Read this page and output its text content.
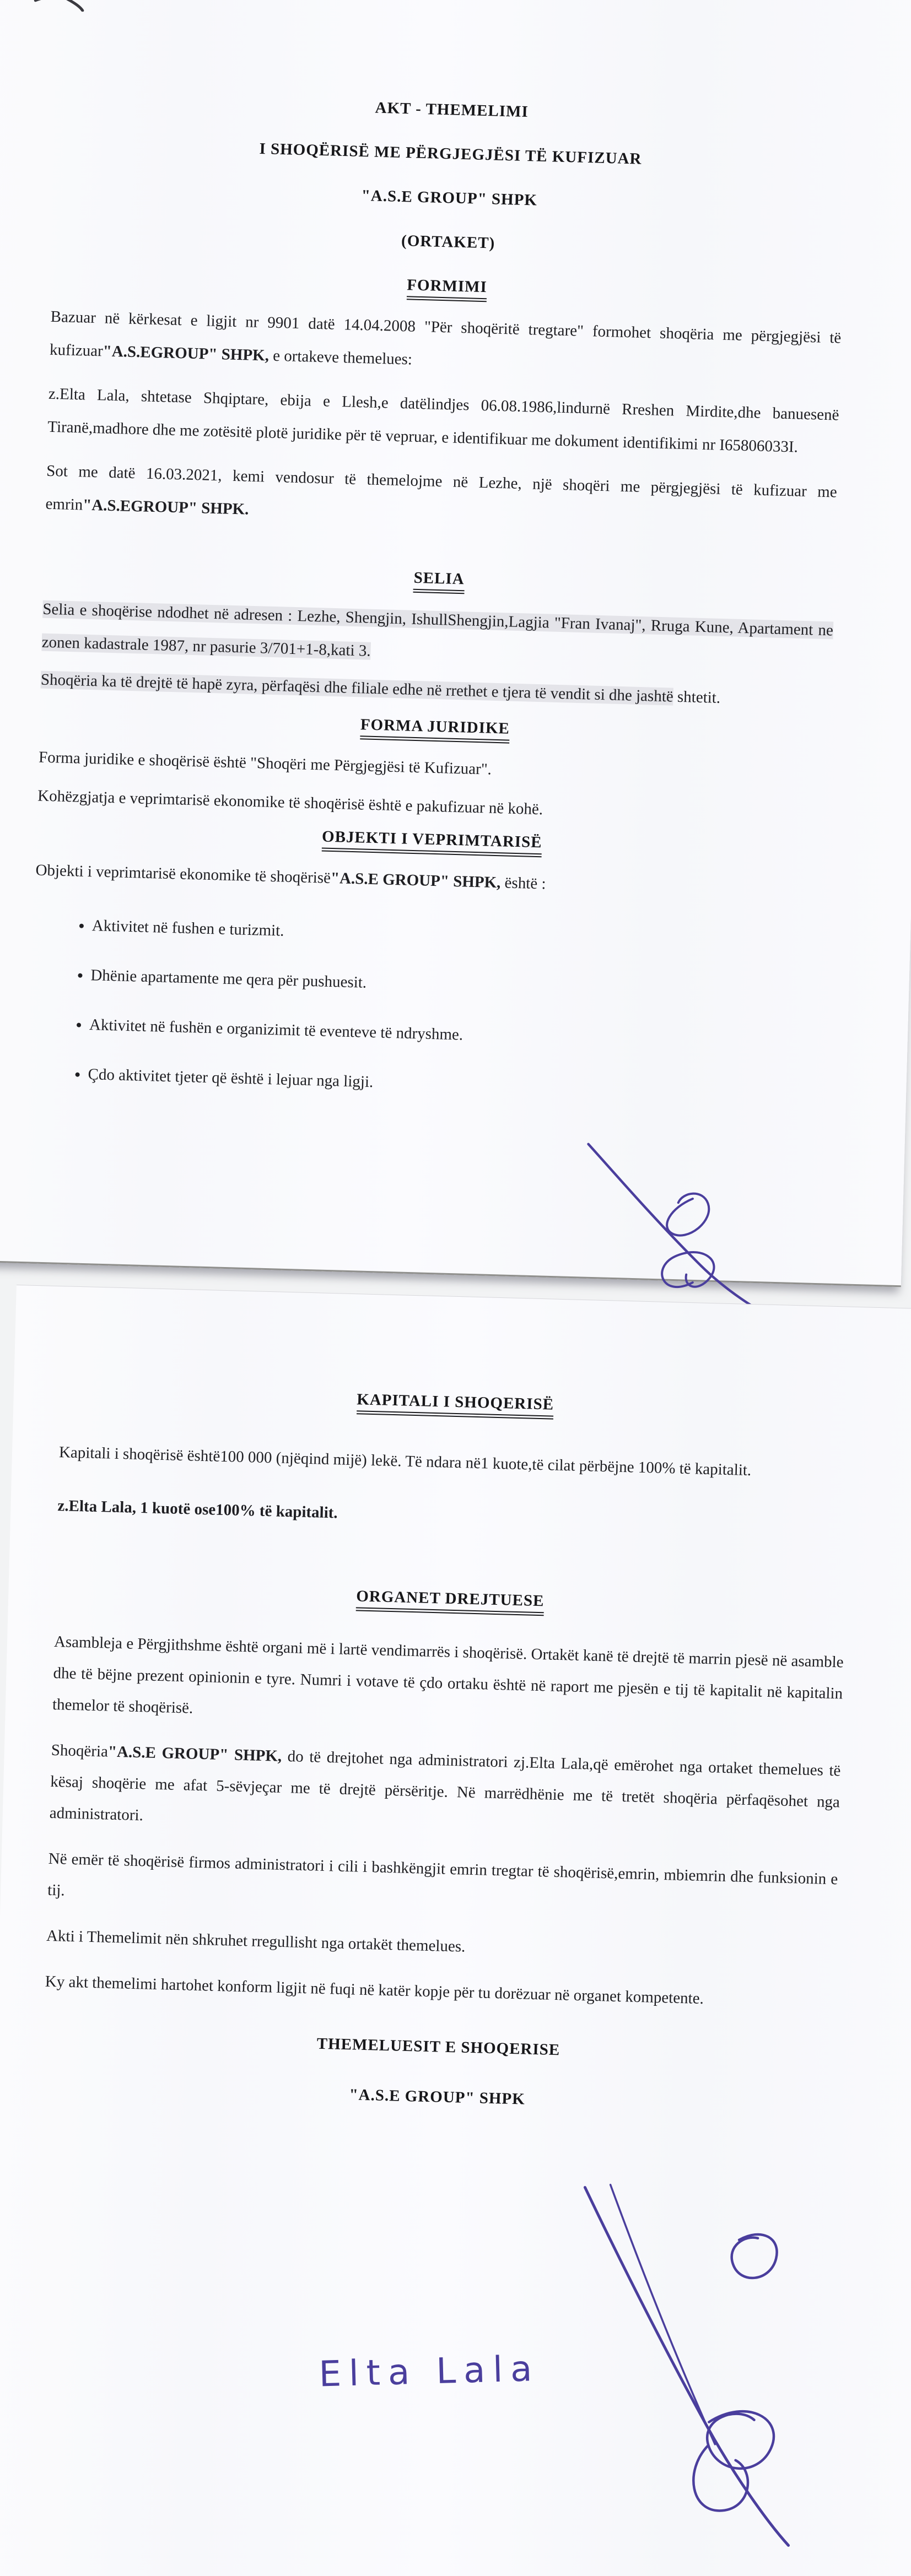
AKT - THEMELIMI
I SHOQËRISË ME PËRGJEGJËSI TË KUFIZUAR
"A.S.E GROUP" SHPK
(ORTAKET)
FORMIMI

Bazuar në kërkesat e ligjit nr 9901 datë 14.04.2008 "Për shoqëritë tregtare" formohet shoqëria me përgjegjësi të kufizuar"A.S.EGROUP" SHPK, e ortakeve themelues:

z.Elta Lala, shtetase Shqiptare, ebija e Llesh,e datëlindjes 06.08.1986,lindurnë Rreshen Mirdite,dhe banuesenë Tiranë,madhore dhe me zotësitë plotë juridike për të vepruar, e identifikuar me dokument identifikimi nr I65806033I.

Sot me datë 16.03.2021, kemi vendosur të themelojme në Lezhe, një shoqëri me përgjegjësi të kufizuar me emrin"A.S.EGROUP" SHPK.

SELIA

Selia e shoqërise ndodhet në adresen : Lezhe, Shengjin, IshullShengjin,Lagjia "Fran Ivanaj", Rruga Kune, Apartament ne zonen kadastrale 1987, nr pasurie 3/701+1-8,kati 3.

Shoqëria ka të drejtë të hapë zyra, përfaqësi dhe filiale edhe në rrethet e tjera të vendit si dhe jashtë shtetit.

FORMA JURIDIKE

Forma juridike e shoqërisë është "Shoqëri me Përgjegjësi të Kufizuar".

Kohëzgjatja e veprimtarisë ekonomike të shoqërisë është e pakufizuar në kohë.

OBJEKTI I VEPRIMTARISË

Objekti i veprimtarisë ekonomike të shoqërisë"A.S.E GROUP" SHPK, është :

• Aktivitet në fushen e turizmit.
• Dhënie apartamente me qera për pushuesit.
• Aktivitet në fushën e organizimit të eventeve të ndryshme.
• Çdo aktivitet tjeter që është i lejuar nga ligji.
KAPITALI I SHOQERISË

Kapitali i shoqërisë është100 000 (njëqind mijë) lekë. Të ndara në1 kuote,të cilat përbëjne 100% të kapitalit.

z.Elta Lala, 1 kuotë ose100% të kapitalit.

ORGANET DREJTUESE

Asambleja e Përgjithshme është organi më i lartë vendimarrës i shoqërisë. Ortakët kanë të drejtë të marrin pjesë në asamble dhe të bëjne prezent opinionin e tyre. Numri i votave të çdo ortaku është në raport me pjesën e tij të kapitalit në kapitalin themelor të shoqërisë.

Shoqëria"A.S.E GROUP" SHPK, do të drejtohet nga administratori zj.Elta Lala,që emërohet nga ortaket themelues të kësaj shoqërie me afat 5-sëvjeçar me të drejtë përsëritje. Në marrëdhënie me të tretët shoqëria përfaqësohet nga administratori.

Në emër të shoqërisë firmos administratori i cili i bashkëngjit emrin tregtar të shoqërisë,emrin, mbiemrin dhe funksionin e tij.

Akti i Themelimit nën shkruhet rregullisht nga ortakët themelues.

Ky akt themelimi hartohet konform ligjit në fuqi në katër kopje për tu dorëzuar në organet kompetente.

THEMELUESIT E SHOQERISE
"A.S.E GROUP" SHPK
Elta Lala
